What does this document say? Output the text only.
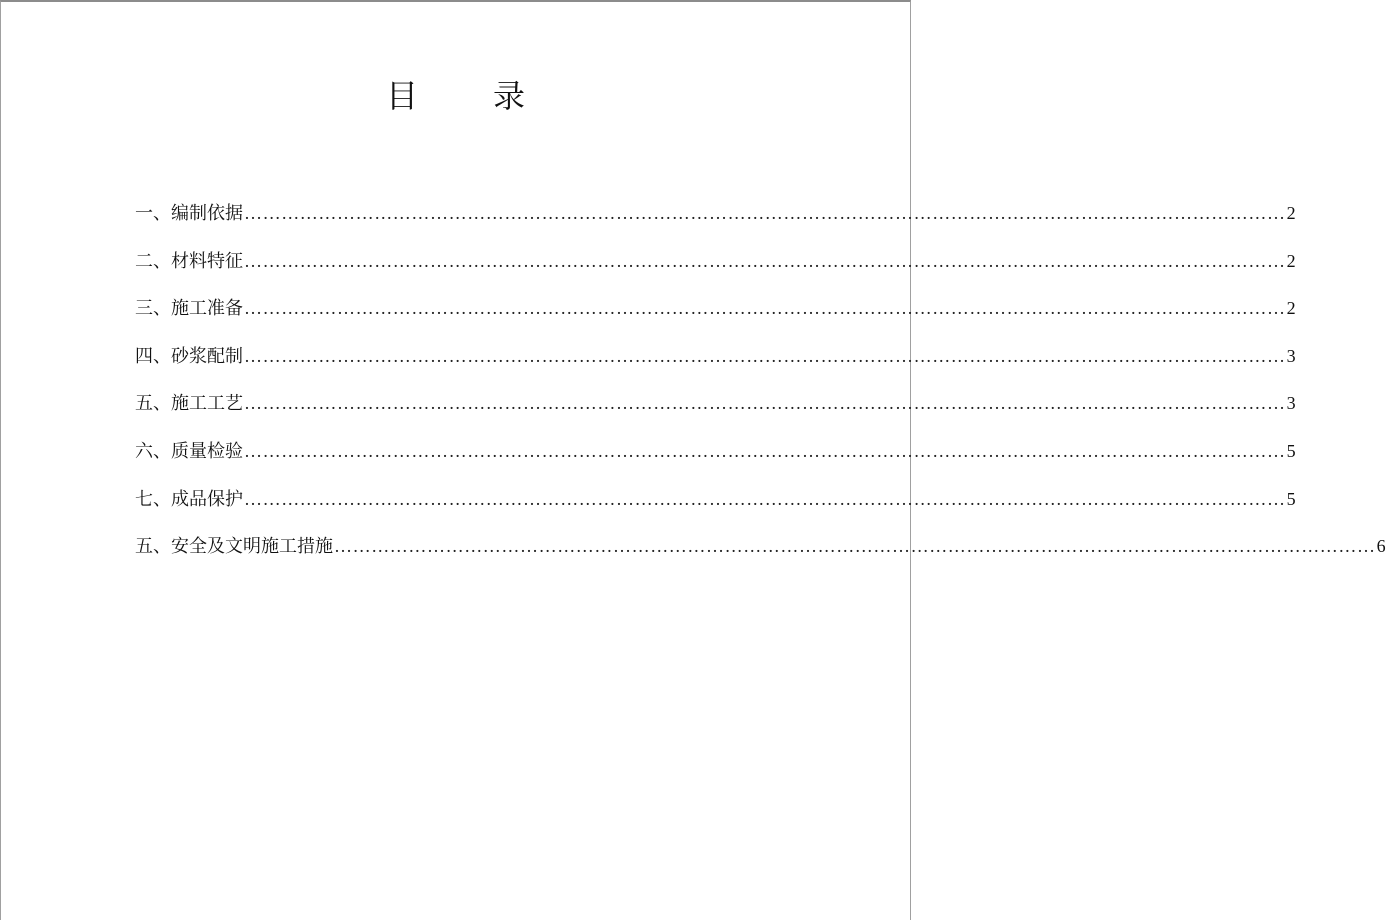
目      录
一、编制依据 …………………………………………………………………………………………………………………………………………………… 2
二、材料特征 …………………………………………………………………………………………………………………………………………………… 2
三、施工准备 …………………………………………………………………………………………………………………………………………………… 2
四、砂浆配制 …………………………………………………………………………………………………………………………………………………… 3
五、施工工艺 …………………………………………………………………………………………………………………………………………………… 3
六、质量检验 …………………………………………………………………………………………………………………………………………………… 5
七、成品保护 …………………………………………………………………………………………………………………………………………………… 5
五、安全及文明施工措施 …………………………………………………………………………………………………………………………………………………… 6
